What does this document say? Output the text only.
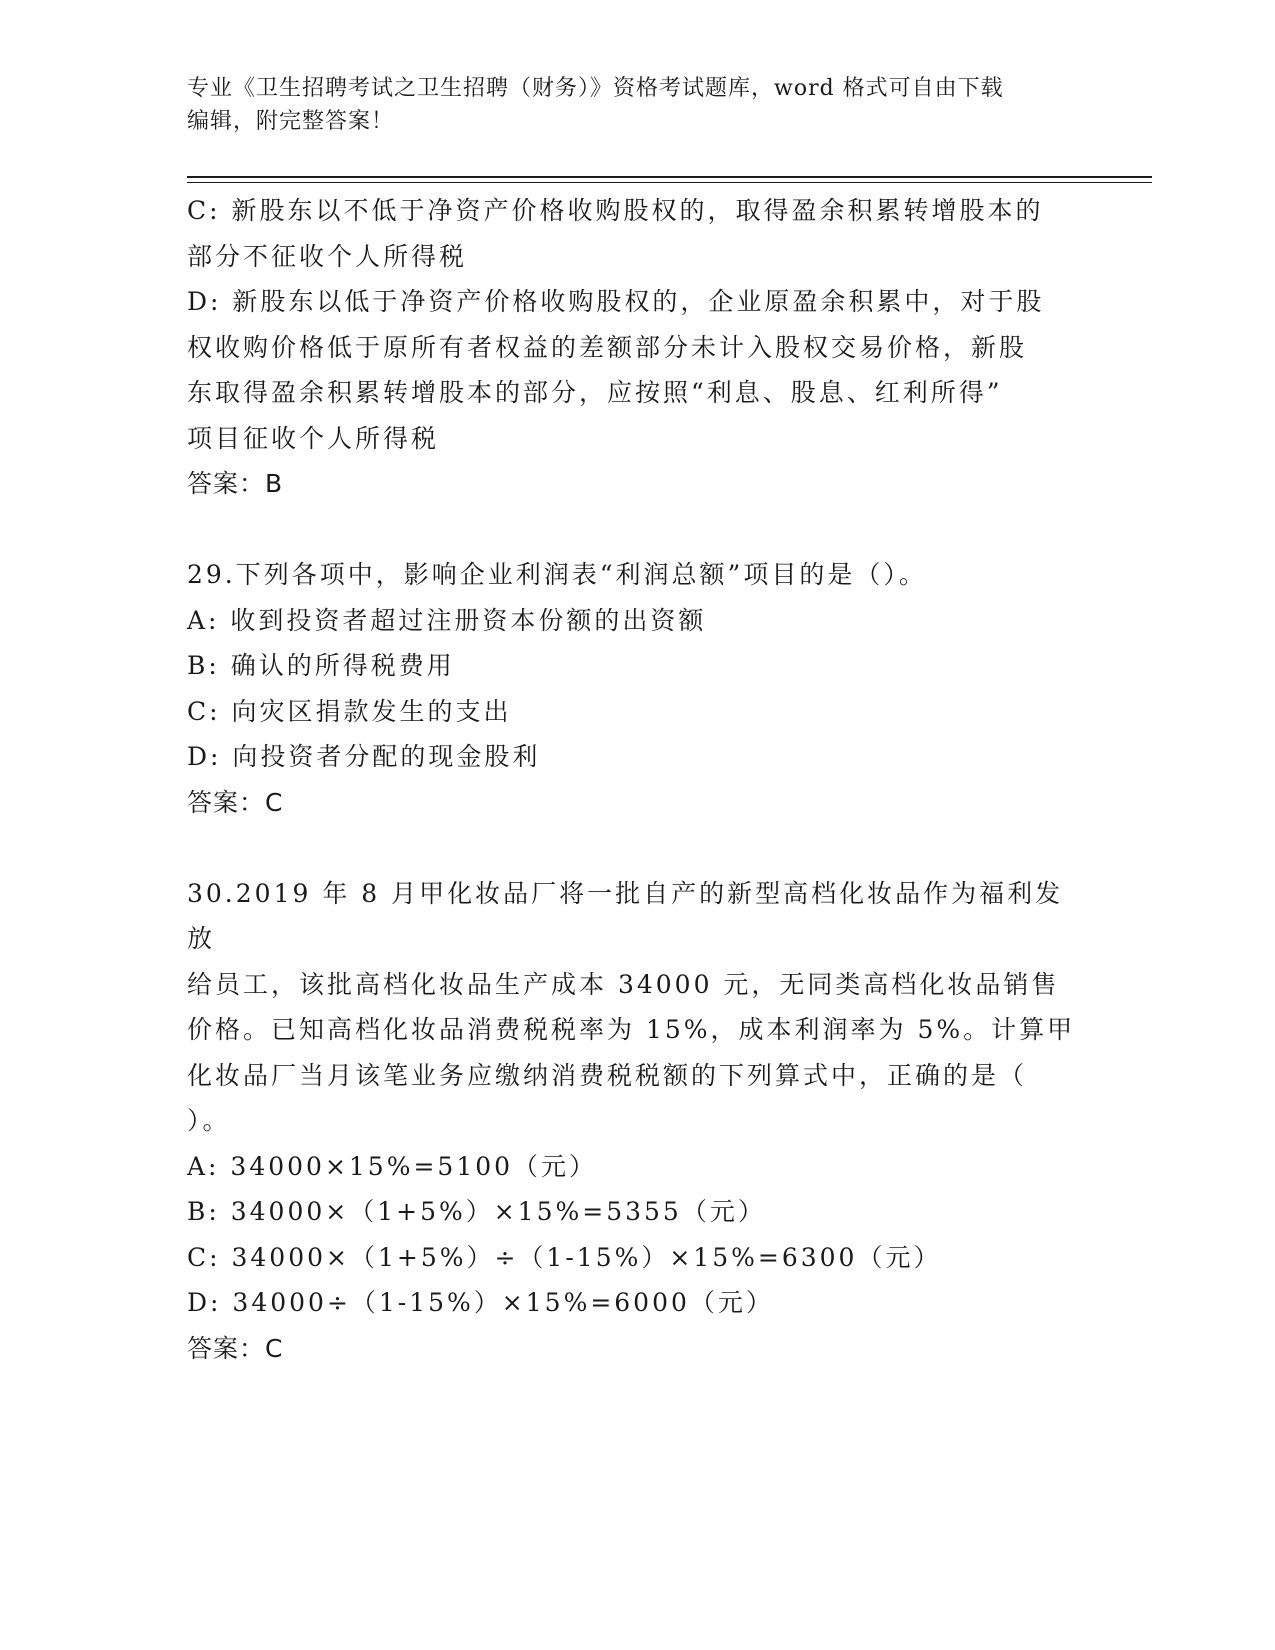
专业《卫生招聘考试之卫生招聘（财务）》资格考试题库，word 格式可自由下载
编辑，附完整答案！
C: 新股东以不低于净资产价格收购股权的，取得盈余积累转增股本的
部分不征收个人所得税
D: 新股东以低于净资产价格收购股权的，企业原盈余积累中，对于股
权收购价格低于原所有者权益的差额部分未计入股权交易价格，新股
东取得盈余积累转增股本的部分，应按照“利息、股息、红利所得”
项目征收个人所得税
答案：B
29.下列各项中，影响企业利润表“利润总额”项目的是（）。
A: 收到投资者超过注册资本份额的出资额
B: 确认的所得税费用
C: 向灾区捐款发生的支出
D: 向投资者分配的现金股利
答案：C
30.2019 年 8 月甲化妆品厂将一批自产的新型高档化妆品作为福利发放
给员工，该批高档化妆品生产成本 34000 元，无同类高档化妆品销售
价格。已知高档化妆品消费税税率为 15%，成本利润率为 5%。计算甲
化妆品厂当月该笔业务应缴纳消费税税额的下列算式中，正确的是（
）。
A: 34000×15%=5100（元）
B: 34000×（1+5%）×15%=5355（元）
C: 34000×（1+5%）÷（1-15%）×15%=6300（元）
D: 34000÷（1-15%）×15%=6000（元）
答案：C
